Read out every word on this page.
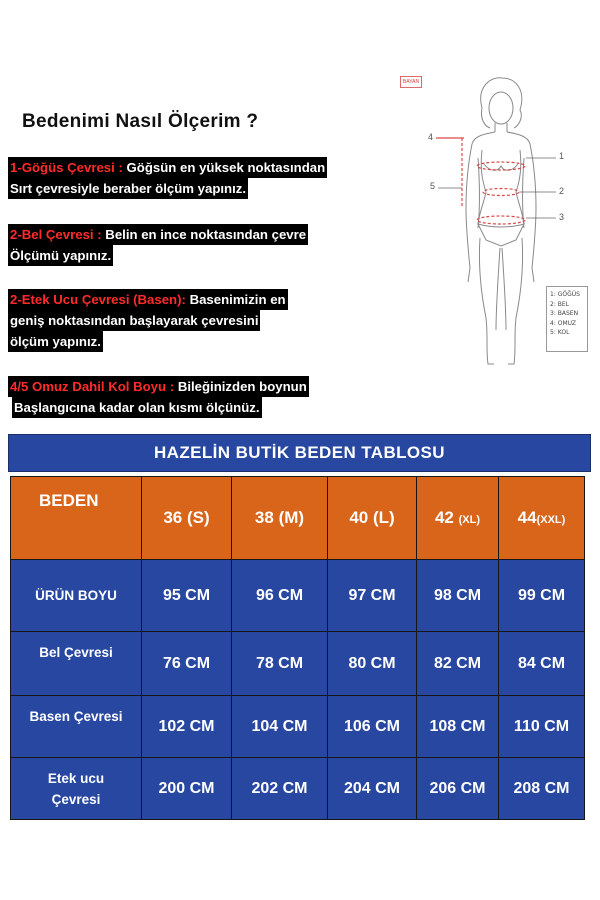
Bedenimi Nasıl Ölçerim ?
1-Göğüs Çevresi : Göğsün en yüksek noktasından
Sırt çevresiyle beraber ölçüm yapınız.
2-Bel Çevresi : Belin en ince noktasından çevre
Ölçümü yapınız.
2-Etek Ucu Çevresi (Basen): Basenimizin en
geniş noktasından başlayarak çevresini
ölçüm yapınız.
4/5 Omuz Dahil Kol Boyu : Bileğinizden boynun
Başlangıcına kadar olan kısmı ölçünüz.
BAYAN
1
2
3
4
5
1: GÖĞÜS
2: BEL
3: BASEN
4: OMUZ
5: KOL
HAZELİN BUTİK BEDEN TABLOSU
BEDEN	36 (S)	38 (M)	40 (L)	42 (XL)	44(XXL)
ÜRÜN BOYU	95 CM	96 CM	97 CM	98 CM	99 CM
Bel Çevresi	76 CM	78 CM	80 CM	82 CM	84 CM
Basen Çevresi	102 CM	104 CM	106 CM	108 CM	110 CM
Etek ucu
Çevresi	200 CM	202 CM	204 CM	206 CM	208 CM
